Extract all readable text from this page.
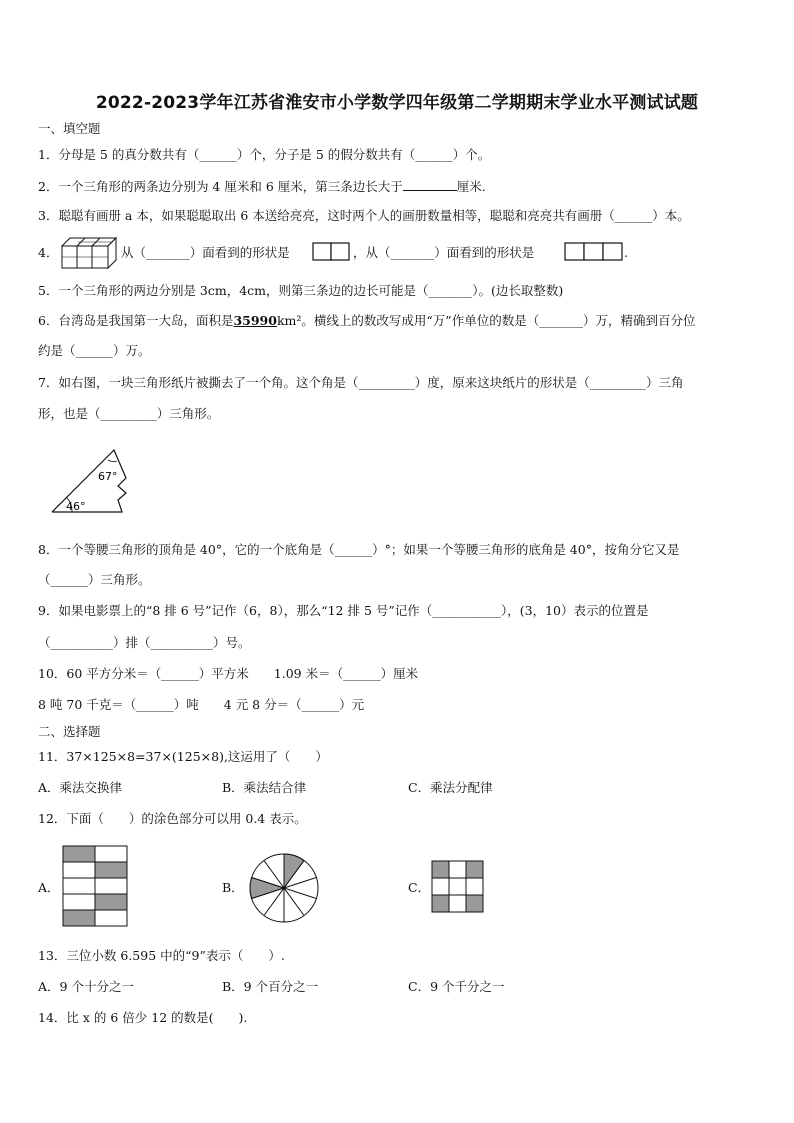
2022-2023学年江苏省淮安市小学数学四年级第二学期期末学业水平测试试题
一、填空题
1．分母是 5 的真分数共有（______）个，分子是 5 的假分数共有（______）个。
2．一个三角形的两条边分别为 4 厘米和 6 厘米，第三条边长大于	厘米.
3．聪聪有画册 a 本，如果聪聪取出 6 本送给亮亮，这时两个人的画册数量相等，聪聪和亮亮共有画册（______）本。
4．	从（_______）面看到的形状是	，从（_______）面看到的形状是	.
5．一个三角形的两边分别是 3cm，4cm，则第三条边的边长可能是（_______）。(边长取整数)
6．台湾岛是我国第一大岛，面积是35990km²。横线上的数改写成用“万”作单位的数是（_______）万，精确到百分位
约是（______）万。
7．如右图，一块三角形纸片被撕去了一个角。这个角是（_________）度，原来这块纸片的形状是（_________）三角
形，也是（_________）三角形。
67°
46°
8．一个等腰三角形的顶角是 40°，它的一个底角是（______）°；如果一个等腰三角形的底角是 40°，按角分它又是
（______）三角形。
9．如果电影票上的“8 排 6 号”记作（6，8），那么“12 排 5 号”记作（___________），(3，10）表示的位置是
（__________）排（__________）号。
10．60 平方分米＝（______）平方米　　1.09 米＝（______）厘米
8 吨 70 千克＝（______）吨　　4 元 8 分＝（______）元
二、选择题
11．37×125×8=37×(125×8),这运用了（　　）
A．乘法交换律	B．乘法结合律	C．乘法分配律
12．下面（　　）的涂色部分可以用 0.4 表示。
A．	B．	C．
13．三位小数 6.595 中的“9”表示（　　）.
A．9 个十分之一	B．9 个百分之一	C．9 个千分之一
14．比 x 的 6 倍少 12 的数是(　　).
